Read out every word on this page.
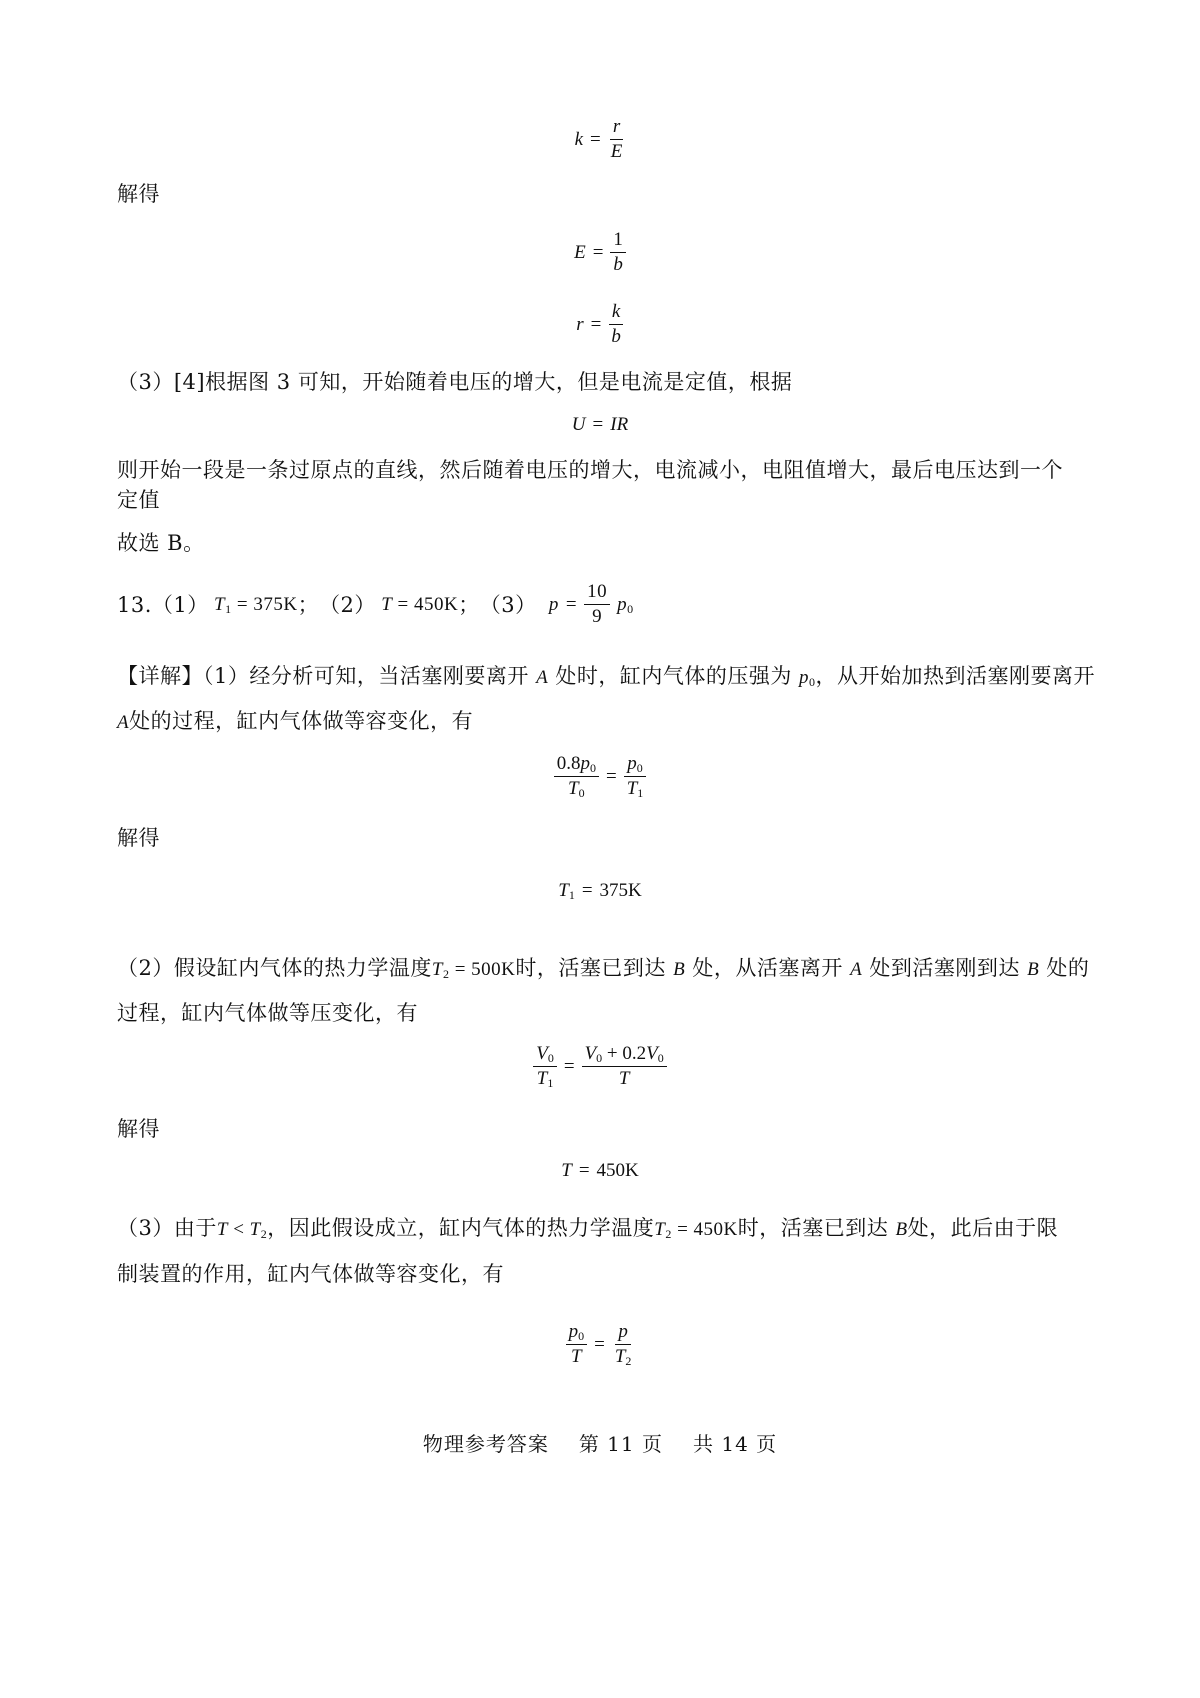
$k = \frac{r}{E}$
解得
$E = \frac{1}{b}$
$r = \frac{k}{b}$
（3）[4]根据图 3 可知，开始随着电压的增大，但是电流是定值，根据
U = IR
则开始一段是一条过原点的直线，然后随着电压的增大，电流减小，电阻值增大，最后电压达到一个定值
故选 B。
13. （1） $T_1 = 375K$ ； （2） T = 450K ； （3）
$p = \frac{10}{9} p_0$
【详解】（1）经分析可知，当活塞刚要离开 A 处时，缸内气体的压强为 $p_0$，从开始加热到活塞刚要离开
A处的过程，缸内气体做等容变化，有
$\frac{0.8p_0}{T_0} = \frac{p_0}{T_1}$
解得
$T_1 = 375K$
（2）假设缸内气体的热力学温度$T_2 = 500K$时，活塞已到达 B 处，从活塞离开 A 处到活塞刚到达 B 处的
过程，缸内气体做等压变化，有
$\frac{V_0}{T_1} = \frac{V_0 + 0.2V_0}{T}$
解得
T = 450K
（3）由于$T < T_2$，因此假设成立，缸内气体的热力学温度$T_2 = 450K$时，活塞已到达 B处，此后由于限
制装置的作用，缸内气体做等容变化，有
$\frac{p_0}{T} = \frac{p}{T_2}$
物理参考答案 第 11 页 共 14 页
